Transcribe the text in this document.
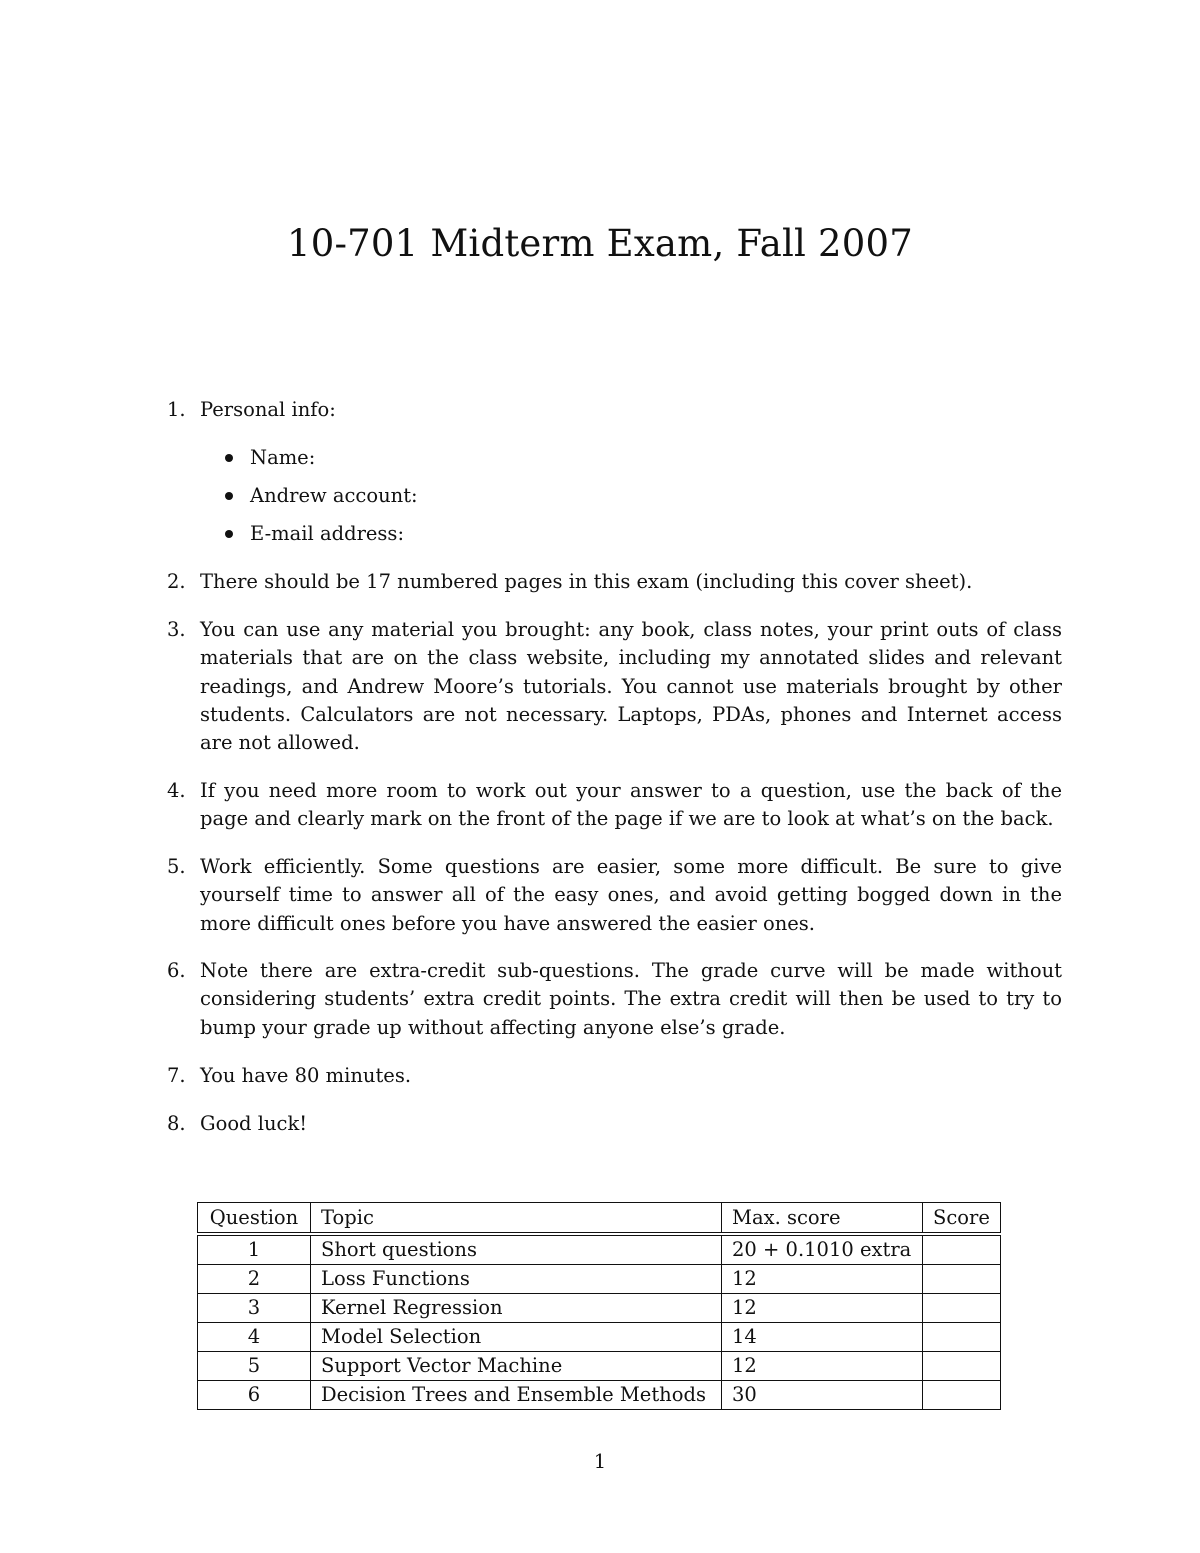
10-701 Midterm Exam, Fall 2007
1. Personal info:
Name:
Andrew account:
E-mail address:
2. There should be 17 numbered pages in this exam (including this cover sheet).
3. You can use any material you brought: any book, class notes, your print outs of class materials that are on the class website, including my annotated slides and relevant readings, and Andrew Moore’s tutorials. You cannot use materials brought by other students. Calculators are not necessary. Laptops, PDAs, phones and Internet access are not allowed.
4. If you need more room to work out your answer to a question, use the back of the page and clearly mark on the front of the page if we are to look at what’s on the back.
5. Work efficiently. Some questions are easier, some more difficult. Be sure to give yourself time to answer all of the easy ones, and avoid getting bogged down in the more difficult ones before you have answered the easier ones.
6. Note there are extra-credit sub-questions. The grade curve will be made without considering students’ extra credit points. The extra credit will then be used to try to bump your grade up without affecting anyone else’s grade.
7. You have 80 minutes.
8. Good luck!
Question	Topic	Max. score	Score
1	Short questions	20 + 0.1010 extra	
2	Loss Functions	12	
3	Kernel Regression	12	
4	Model Selection	14	
5	Support Vector Machine	12	
6	Decision Trees and Ensemble Methods	30	
1
